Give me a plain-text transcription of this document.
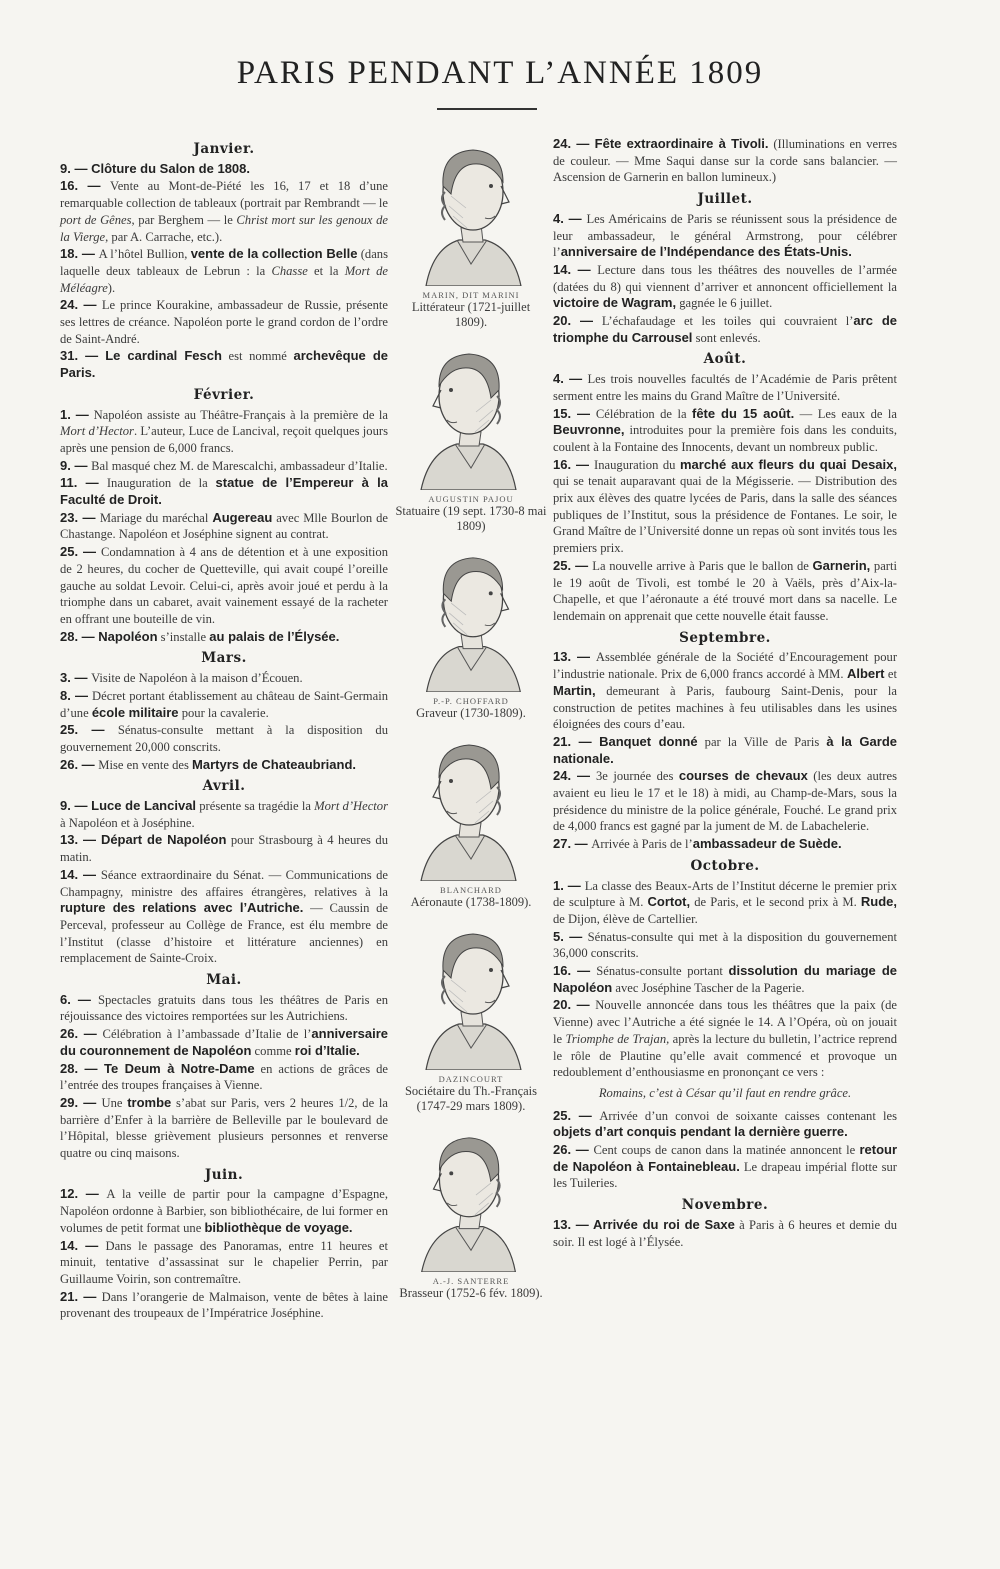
PARIS PENDANT L’ANNÉE 1809
Janvier.

9. — Clôture du Salon de 1808.

16. — Vente au Mont-de-Piété les 16, 17 et 18 d’une remarquable collection de tableaux (portrait par Rembrandt — le port de Gênes, par Berghem — le Christ mort sur les genoux de la Vierge, par A. Carrache, etc.).

18. — A l’hôtel Bullion, vente de la collection Belle (dans laquelle deux tableaux de Lebrun : la Chasse et la Mort de Méléagre).

24. — Le prince Kourakine, ambassadeur de Russie, présente ses lettres de créance. Napoléon porte le grand cordon de l’ordre de Saint-André.

31. — Le cardinal Fesch est nommé archevêque de Paris.

Février.

1. — Napoléon assiste au Théâtre-Français à la première de la Mort d’Hector. L’auteur, Luce de Lancival, reçoit quelques jours après une pension de 6,000 francs.

9. — Bal masqué chez M. de Marescalchi, ambassadeur d’Italie.

11. — Inauguration de la statue de l’Empereur à la Faculté de Droit.

23. — Mariage du maréchal Augereau avec Mlle Bourlon de Chastange. Napoléon et Joséphine signent au contrat.

25. — Condamnation à 4 ans de détention et à une exposition de 2 heures, du cocher de Quetteville, qui avait coupé l’oreille gauche au soldat Levoir. Celui-ci, après avoir joué et perdu à la triomphe dans un cabaret, avait vainement essayé de la racheter en offrant une bouteille de vin.

28. — Napoléon s’installe au palais de l’Élysée.

Mars.

3. — Visite de Napoléon à la maison d’Écouen.

8. — Décret portant établissement au château de Saint-Germain d’une école militaire pour la cavalerie.

25. — Sénatus-consulte mettant à la disposition du gouvernement 20,000 conscrits.

26. — Mise en vente des Martyrs de Chateaubriand.

Avril.

9. — Luce de Lancival présente sa tragédie la Mort d’Hector à Napoléon et à Joséphine.

13. — Départ de Napoléon pour Strasbourg à 4 heures du matin.

14. — Séance extraordinaire du Sénat. — Communications de Champagny, ministre des affaires étrangères, relatives à la rupture des relations avec l’Autriche. — Caussin de Perceval, professeur au Collège de France, est élu membre de l’Institut (classe d’histoire et littérature anciennes) en remplacement de Sainte-Croix.

Mai.

6. — Spectacles gratuits dans tous les théâtres de Paris en réjouissance des victoires remportées sur les Autrichiens.

26. — Célébration à l’ambassade d’Italie de l’anniversaire du couronnement de Napoléon comme roi d’Italie.

28. — Te Deum à Notre-Dame en actions de grâces de l’entrée des troupes françaises à Vienne.

29. — Une trombe s’abat sur Paris, vers 2 heures 1/2, de la barrière d’Enfer à la barrière de Belleville par le boulevard de l’Hôpital, blesse grièvement plusieurs personnes et renverse quatre ou cinq maisons.

Juin.

12. — A la veille de partir pour la campagne d’Espagne, Napoléon ordonne à Barbier, son bibliothécaire, de lui former en volumes de petit format une bibliothèque de voyage.

14. — Dans le passage des Panoramas, entre 11 heures et minuit, tentative d’assassinat sur le chapelier Perrin, par Guillaume Voirin, son contremaître.

21. — Dans l’orangerie de Malmaison, vente de bêtes à laine provenant des troupeaux de l’Impératrice Joséphine.

MARIN, DIT MARINI
Littérateur (1721-juillet 1809).
AUGUSTIN PAJOU
Statuaire (19 sept. 1730-8 mai 1809)
P.-P. CHOFFARD
Graveur (1730-1809).
BLANCHARD
Aéronaute (1738-1809).
DAZINCOURT
Sociétaire du Th.-Français (1747-29 mars 1809).
A.-J. SANTERRE
Brasseur (1752-6 fév. 1809).

24. — Fête extraordinaire à Tivoli. (Illuminations en verres de couleur. — Mme Saqui danse sur la corde sans balancier. — Ascension de Garnerin en ballon lumineux.)

Juillet.

4. — Les Américains de Paris se réunissent sous la présidence de leur ambassadeur, le général Armstrong, pour célébrer l’anniversaire de l’Indépendance des États-Unis.

14. — Lecture dans tous les théâtres des nouvelles de l’armée (datées du 8) qui viennent d’arriver et annoncent officiellement la victoire de Wagram, gagnée le 6 juillet.

20. — L’échafaudage et les toiles qui couvraient l’arc de triomphe du Carrousel sont enlevés.

Août.

4. — Les trois nouvelles facultés de l’Académie de Paris prêtent serment entre les mains du Grand Maître de l’Université.

15. — Célébration de la fête du 15 août. — Les eaux de la Beuvronne, introduites pour la première fois dans les conduits, coulent à la Fontaine des Innocents, devant un nombreux public.

16. — Inauguration du marché aux fleurs du quai Desaix, qui se tenait auparavant quai de la Mégisserie. — Distribution des prix aux élèves des quatre lycées de Paris, dans la salle des séances publiques de l’Institut, sous la présidence de Fontanes. Le soir, le Grand Maître de l’Université donne un repas où sont invités tous les premiers prix.

25. — La nouvelle arrive à Paris que le ballon de Garnerin, parti le 19 août de Tivoli, est tombé le 20 à Vaëls, près d’Aix-la-Chapelle, et que l’aéronaute a été trouvé mort dans sa nacelle. Le lendemain on apprenait que cette nouvelle était fausse.

Septembre.

13. — Assemblée générale de la Société d’Encouragement pour l’industrie nationale. Prix de 6,000 francs accordé à MM. Albert et Martin, demeurant à Paris, faubourg Saint-Denis, pour la construction de petites machines à feu utilisables dans les usines éloignées des cours d’eau.

21. — Banquet donné par la Ville de Paris à la Garde nationale.

24. — 3e journée des courses de chevaux (les deux autres avaient eu lieu le 17 et le 18) à midi, au Champ-de-Mars, sous la présidence du ministre de la police générale, Fouché. Le grand prix de 4,000 francs est gagné par la jument de M. de Labachelerie.

27. — Arrivée à Paris de l’ambassadeur de Suède.

Octobre.

1. — La classe des Beaux-Arts de l’Institut décerne le premier prix de sculpture à M. Cortot, de Paris, et le second prix à M. Rude, de Dijon, élève de Cartellier.

5. — Sénatus-consulte qui met à la disposition du gouvernement 36,000 conscrits.

16. — Sénatus-consulte portant dissolution du mariage de Napoléon avec Joséphine Tascher de la Pagerie.

20. — Nouvelle annoncée dans tous les théâtres que la paix (de Vienne) avec l’Autriche a été signée le 14. A l’Opéra, où on jouait le Triomphe de Trajan, après la lecture du bulletin, l’actrice reprend le rôle de Plautine qu’elle avait commencé et provoque un redoublement d’enthousiasme en prononçant ce vers :

Romains, c’est à César qu’il faut en rendre grâce.

25. — Arrivée d’un convoi de soixante caisses contenant les objets d’art conquis pendant la dernière guerre.

26. — Cent coups de canon dans la matinée annoncent le retour de Napoléon à Fontainebleau. Le drapeau impérial flotte sur les Tuileries.

Novembre.

13. — Arrivée du roi de Saxe à Paris à 6 heures et demie du soir. Il est logé à l’Élysée.
